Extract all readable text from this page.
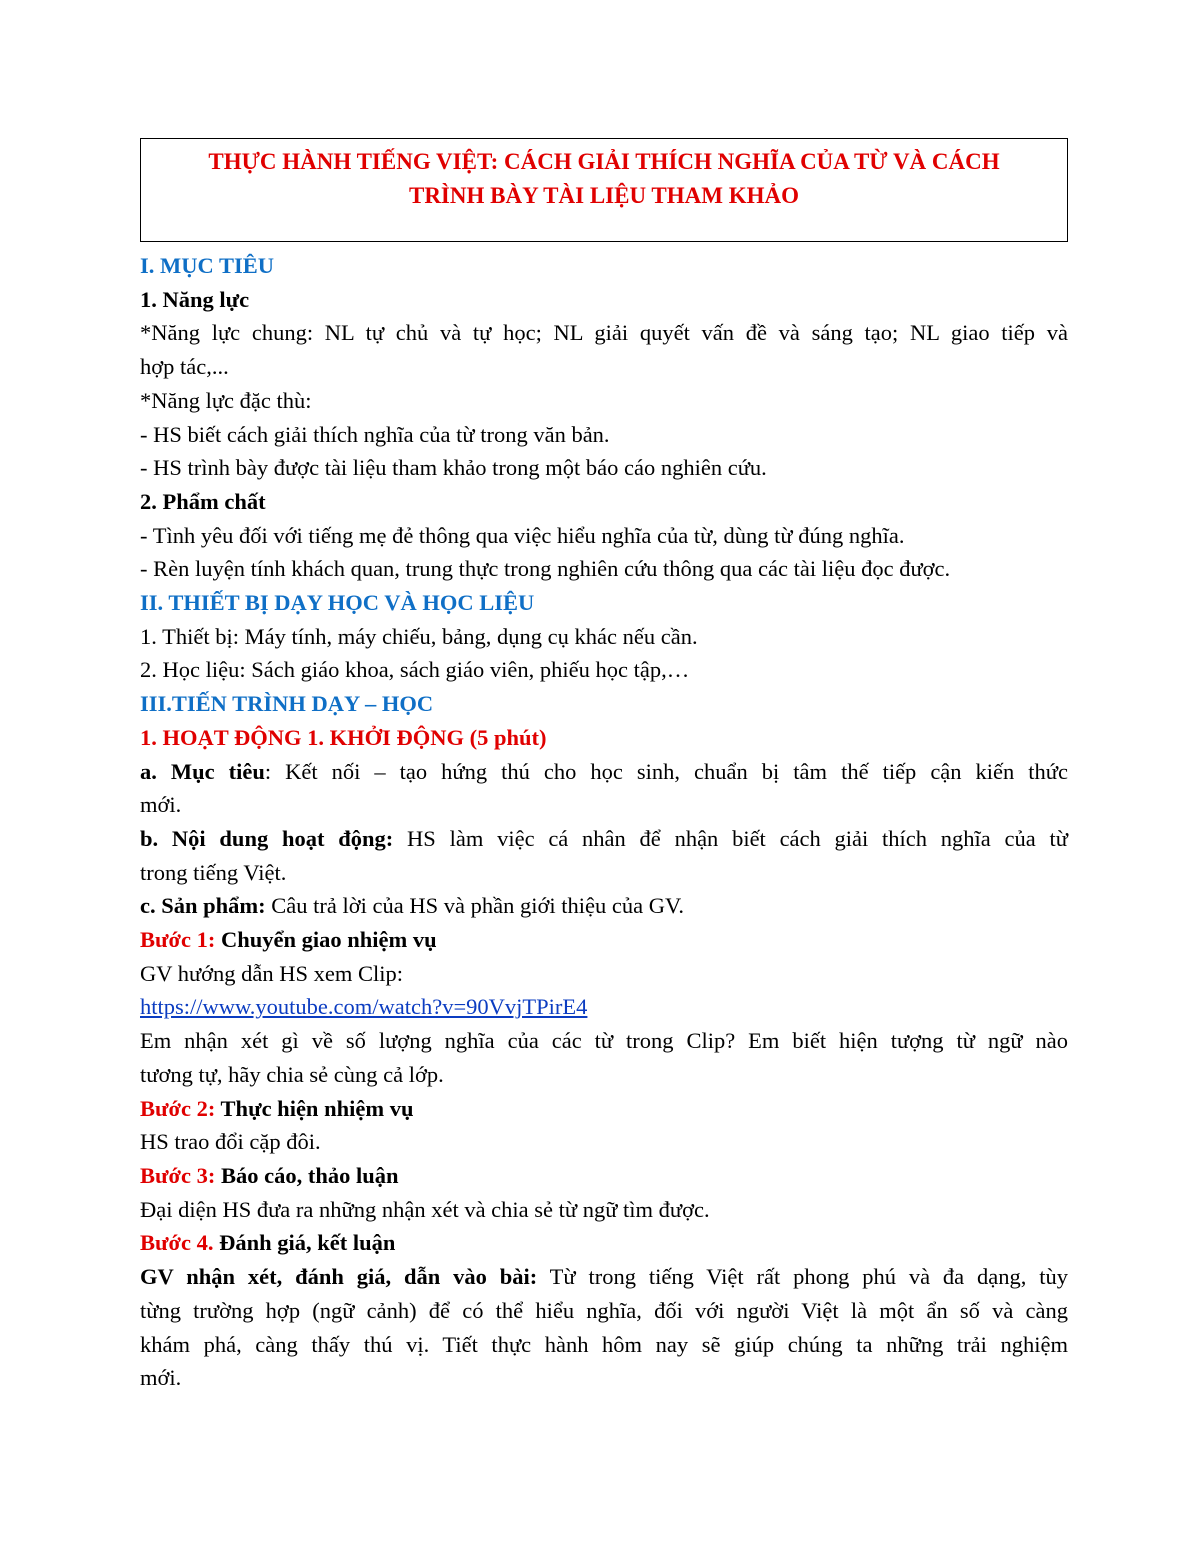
THỰC HÀNH TIẾNG VIỆT: CÁCH GIẢI THÍCH NGHĨA CỦA TỪ VÀ CÁCH
TRÌNH BÀY TÀI LIỆU THAM KHẢO
I. MỤC TIÊU
1. Năng lực
*Năng lực chung: NL tự chủ và tự học; NL giải quyết vấn đề và sáng tạo; NL giao tiếp và
hợp tác,...
*Năng lực đặc thù:
- HS biết cách giải thích nghĩa của từ trong văn bản.
- HS trình bày được tài liệu tham khảo trong một báo cáo nghiên cứu.
2. Phẩm chất
- Tình yêu đối với tiếng mẹ đẻ thông qua việc hiểu nghĩa của từ, dùng từ đúng nghĩa.
- Rèn luyện tính khách quan, trung thực trong nghiên cứu thông qua các tài liệu đọc được.
II. THIẾT BỊ DẠY HỌC VÀ HỌC LIỆU
1. Thiết bị: Máy tính, máy chiếu, bảng, dụng cụ khác nếu cần.
2. Học liệu: Sách giáo khoa, sách giáo viên, phiếu học tập,…
III.TIẾN TRÌNH DẠY – HỌC
1. HOẠT ĐỘNG 1. KHỞI ĐỘNG (5 phút)
a. Mục tiêu: Kết nối – tạo hứng thú cho học sinh, chuẩn bị tâm thế tiếp cận kiến thức
mới.
b. Nội dung hoạt động: HS làm việc cá nhân để nhận biết cách giải thích nghĩa của từ
trong tiếng Việt.
c. Sản phẩm: Câu trả lời của HS và phần giới thiệu của GV.
Bước 1: Chuyển giao nhiệm vụ
GV hướng dẫn HS xem Clip:
https://www.youtube.com/watch?v=90VvjTPirE4
Em nhận xét gì về số lượng nghĩa của các từ trong Clip? Em biết hiện tượng từ ngữ nào
tương tự, hãy chia sẻ cùng cả lớp.
Bước 2: Thực hiện nhiệm vụ
HS trao đổi cặp đôi.
Bước 3: Báo cáo, thảo luận
Đại diện HS đưa ra những nhận xét và chia sẻ từ ngữ tìm được.
Bước 4. Đánh giá, kết luận
GV nhận xét, đánh giá, dẫn vào bài: Từ trong tiếng Việt rất phong phú và đa dạng, tùy
từng trường hợp (ngữ cảnh) để có thể hiểu nghĩa, đối với người Việt là một ẩn số và càng
khám phá, càng thấy thú vị. Tiết thực hành hôm nay sẽ giúp chúng ta những trải nghiệm
mới.
